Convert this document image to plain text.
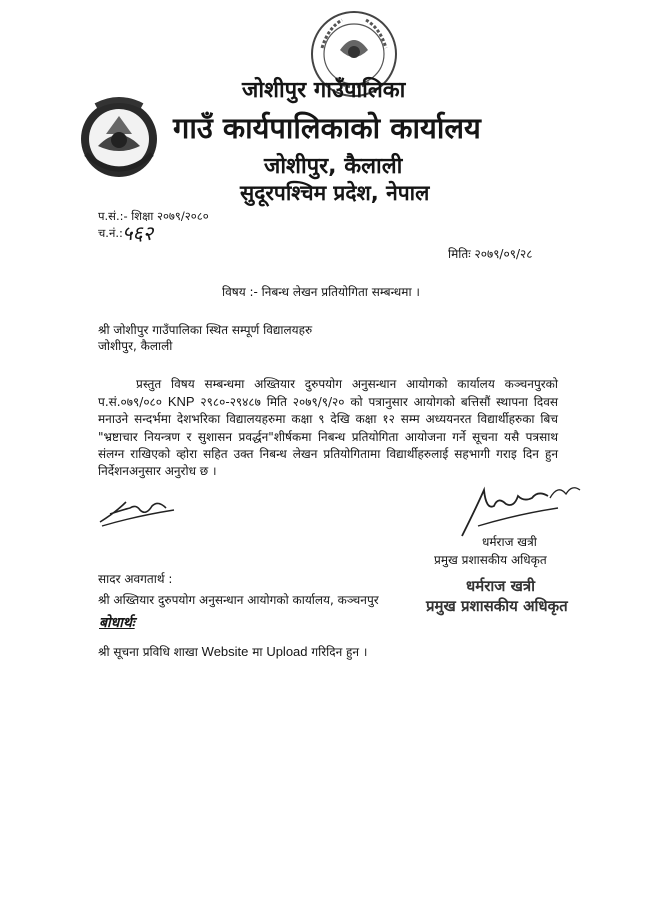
जोशीपुर गाउँपालिका
गाउँ कार्यपालिकाको कार्यालय
जोशीपुर, कैलाली
सुदूरपश्चिम प्रदेश, नेपाल
प.सं.:- शिक्षा २०७९/२०८०
च.नं.: ५६२
मितिः २०७९/०९/२८
विषय :- निबन्ध लेखन प्रतियोगिता सम्बन्धमा ।
श्री जोशीपुर गाउँपालिका स्थित सम्पूर्ण विद्यालयहरु
जोशीपुर, कैलाली
प्रस्तुत विषय सम्बन्धमा अख्तियार दुरुपयोग अनुसन्धान आयोगको कार्यालय कञ्चनपुरको प.सं.०७९/०८० KNP २९८०-२९४८७ मिति २०७९/९/२० को पत्रानुसार आयोगको बत्तिसौं स्थापना दिवस मनाउने सन्दर्भमा देशभरिका विद्यालयहरुमा कक्षा ९ देखि कक्षा १२ सम्म अध्ययनरत विद्यार्थीहरुका बिच "भ्रष्टाचार नियन्त्रण र सुशासन प्रवर्द्धन"शीर्षकमा निबन्ध प्रतियोगिता आयोजना गर्ने सूचना यसै पत्रसाथ संलग्न राखिएको व्होरा सहित उक्त निबन्ध लेखन प्रतियोगितामा विद्यार्थीहरुलाई सहभागी गराइ दिन हुन निर्देशनअनुसार अनुरोध छ ।
धर्मराज खत्री
प्रमुख प्रशासकीय अधिकृत
धर्मराज खत्री
प्रमुख प्रशासकीय अधिकृत
सादर अवगतार्थ :
श्री अख्तियार दुरुपयोग अनुसन्धान आयोगको कार्यालय, कञ्चनपुर
बोधार्थः
श्री सूचना प्रविधि शाखा Website मा Upload गरिदिन हुन ।
